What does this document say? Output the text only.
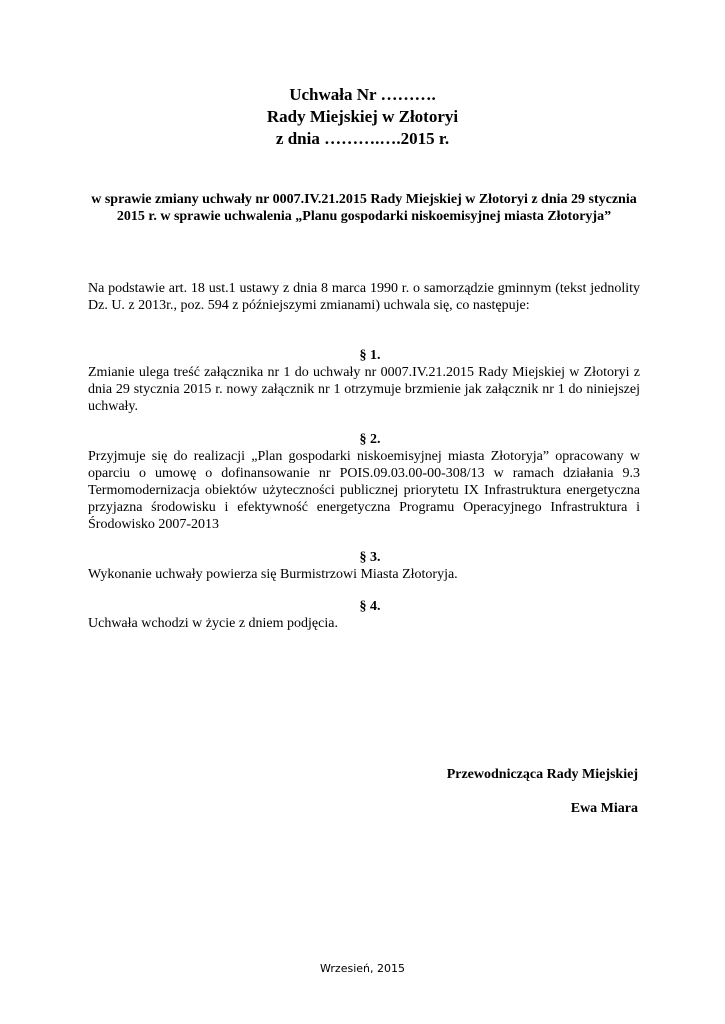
Uchwała Nr ……….
Rady Miejskiej w Złotoryi
z dnia ……….….2015 r.
w sprawie zmiany uchwały nr 0007.IV.21.2015 Rady Miejskiej w Złotoryi z dnia 29 stycznia 2015 r. w sprawie uchwalenia „Planu gospodarki niskoemisyjnej miasta Złotoryja”
Na podstawie art. 18 ust.1 ustawy z dnia 8 marca 1990 r. o samorządzie gminnym (tekst jednolity Dz. U. z 2013r., poz. 594 z późniejszymi zmianami) uchwala się, co następuje:
§ 1.
Zmianie ulega treść załącznika nr 1 do uchwały nr 0007.IV.21.2015 Rady Miejskiej w Złotoryi z dnia 29 stycznia 2015 r. nowy załącznik nr 1 otrzymuje brzmienie jak załącznik nr 1 do niniejszej uchwały.
§ 2.
Przyjmuje się do realizacji „Plan gospodarki niskoemisyjnej miasta Złotoryja” opracowany w oparciu o umowę o dofinansowanie nr POIS.09.03.00-00-308/13 w ramach działania 9.3 Termomodernizacja obiektów użyteczności publicznej priorytetu IX Infrastruktura energetyczna przyjazna środowisku i efektywność energetyczna Programu Operacyjnego Infrastruktura i Środowisko 2007-2013
§ 3.
Wykonanie uchwały powierza się Burmistrzowi Miasta Złotoryja.
§ 4.
Uchwała wchodzi w życie z dniem podjęcia.
Przewodnicząca Rady Miejskiej
Ewa Miara
Wrzesień, 2015
